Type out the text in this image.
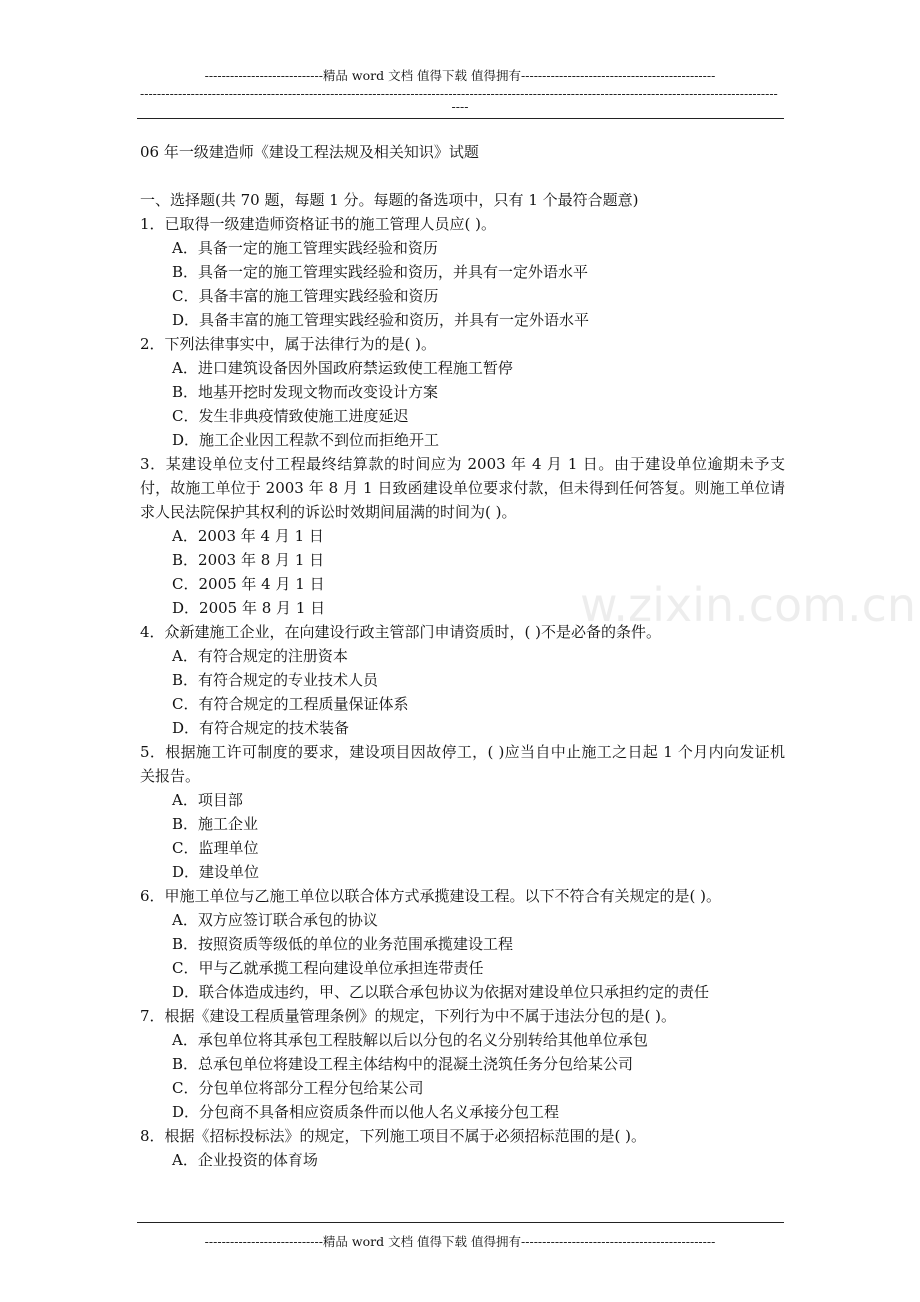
----------------------------精品 word 文档 值得下载 值得拥有----------------------------------------------
-------------------------------------------------------------------------------------------------------------------------------------------------------
----
w.zixin.com.cn
06 年一级建造师《建设工程法规及相关知识》试题
一、选择题(共 70 题，每题 1 分。每题的备选项中，只有 1 个最符合题意)
1．已取得一级建造师资格证书的施工管理人员应( )。
A．具备一定的施工管理实践经验和资历
B．具备一定的施工管理实践经验和资历，并具有一定外语水平
C．具备丰富的施工管理实践经验和资历
D．具备丰富的施工管理实践经验和资历，并具有一定外语水平
2．下列法律事实中，属于法律行为的是( )。
A．进口建筑设备因外国政府禁运致使工程施工暂停
B．地基开挖时发现文物而改变设计方案
C．发生非典疫情致使施工进度延迟
D．施工企业因工程款不到位而拒绝开工
3．某建设单位支付工程最终结算款的时间应为 2003 年 4 月 1 日。由于建设单位逾期未予支付，故施工单位于 2003 年 8 月 1 日致函建设单位要求付款，但未得到任何答复。则施工单位请求人民法院保护其权利的诉讼时效期间届满的时间为( )。
A．2003 年 4 月 1 日
B．2003 年 8 月 1 日
C．2005 年 4 月 1 日
D．2005 年 8 月 1 日
4．众新建施工企业，在向建设行政主管部门申请资质时，( )不是必备的条件。
A．有符合规定的注册资本
B．有符合规定的专业技术人员
C．有符合规定的工程质量保证体系
D．有符合规定的技术装备
5．根据施工许可制度的要求，建设项目因故停工，( )应当自中止施工之日起 1 个月内向发证机关报告。
A．项目部
B．施工企业
C．监理单位
D．建设单位
6．甲施工单位与乙施工单位以联合体方式承揽建设工程。以下不符合有关规定的是( )。
A．双方应签订联合承包的协议
B．按照资质等级低的单位的业务范围承揽建设工程
C．甲与乙就承揽工程向建设单位承担连带责任
D．联合体造成违约，甲、乙以联合承包协议为依据对建设单位只承担约定的责任
7．根据《建设工程质量管理条例》的规定，下列行为中不属于违法分包的是( )。
A．承包单位将其承包工程肢解以后以分包的名义分别转给其他单位承包
B．总承包单位将建设工程主体结构中的混凝土浇筑任务分包给某公司
C．分包单位将部分工程分包给某公司
D．分包商不具备相应资质条件而以他人名义承接分包工程
8．根据《招标投标法》的规定，下列施工项目不属于必须招标范围的是( )。
A．企业投资的体育场
----------------------------精品 word 文档 值得下载 值得拥有----------------------------------------------
